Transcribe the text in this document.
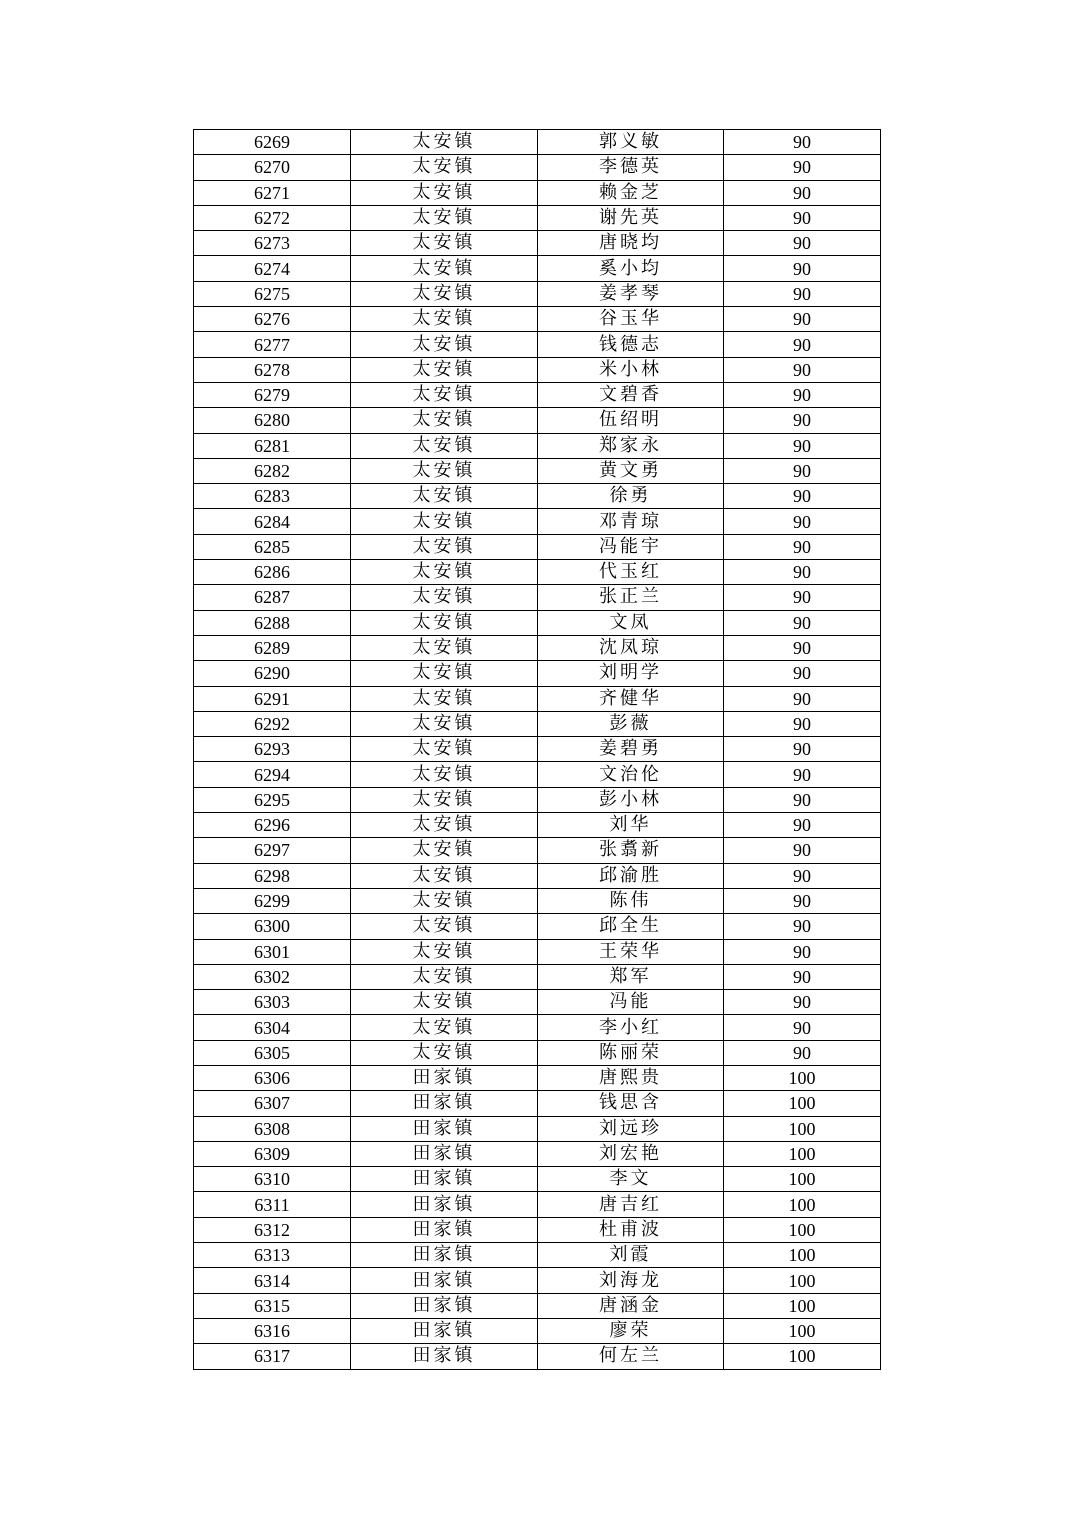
6269	太安镇	郭义敏	90
6270	太安镇	李德英	90
6271	太安镇	赖金芝	90
6272	太安镇	谢先英	90
6273	太安镇	唐晓均	90
6274	太安镇	奚小均	90
6275	太安镇	姜孝琴	90
6276	太安镇	谷玉华	90
6277	太安镇	钱德志	90
6278	太安镇	米小林	90
6279	太安镇	文碧香	90
6280	太安镇	伍绍明	90
6281	太安镇	郑家永	90
6282	太安镇	黄文勇	90
6283	太安镇	徐勇	90
6284	太安镇	邓青琼	90
6285	太安镇	冯能宇	90
6286	太安镇	代玉红	90
6287	太安镇	张正兰	90
6288	太安镇	文凤	90
6289	太安镇	沈凤琼	90
6290	太安镇	刘明学	90
6291	太安镇	齐健华	90
6292	太安镇	彭薇	90
6293	太安镇	姜碧勇	90
6294	太安镇	文治伦	90
6295	太安镇	彭小林	90
6296	太安镇	刘华	90
6297	太安镇	张翥新	90
6298	太安镇	邱渝胜	90
6299	太安镇	陈伟	90
6300	太安镇	邱全生	90
6301	太安镇	王荣华	90
6302	太安镇	郑军	90
6303	太安镇	冯能	90
6304	太安镇	李小红	90
6305	太安镇	陈丽荣	90
6306	田家镇	唐熙贵	100
6307	田家镇	钱思含	100
6308	田家镇	刘远珍	100
6309	田家镇	刘宏艳	100
6310	田家镇	李文	100
6311	田家镇	唐吉红	100
6312	田家镇	杜甫波	100
6313	田家镇	刘霞	100
6314	田家镇	刘海龙	100
6315	田家镇	唐涵金	100
6316	田家镇	廖荣	100
6317	田家镇	何左兰	100
